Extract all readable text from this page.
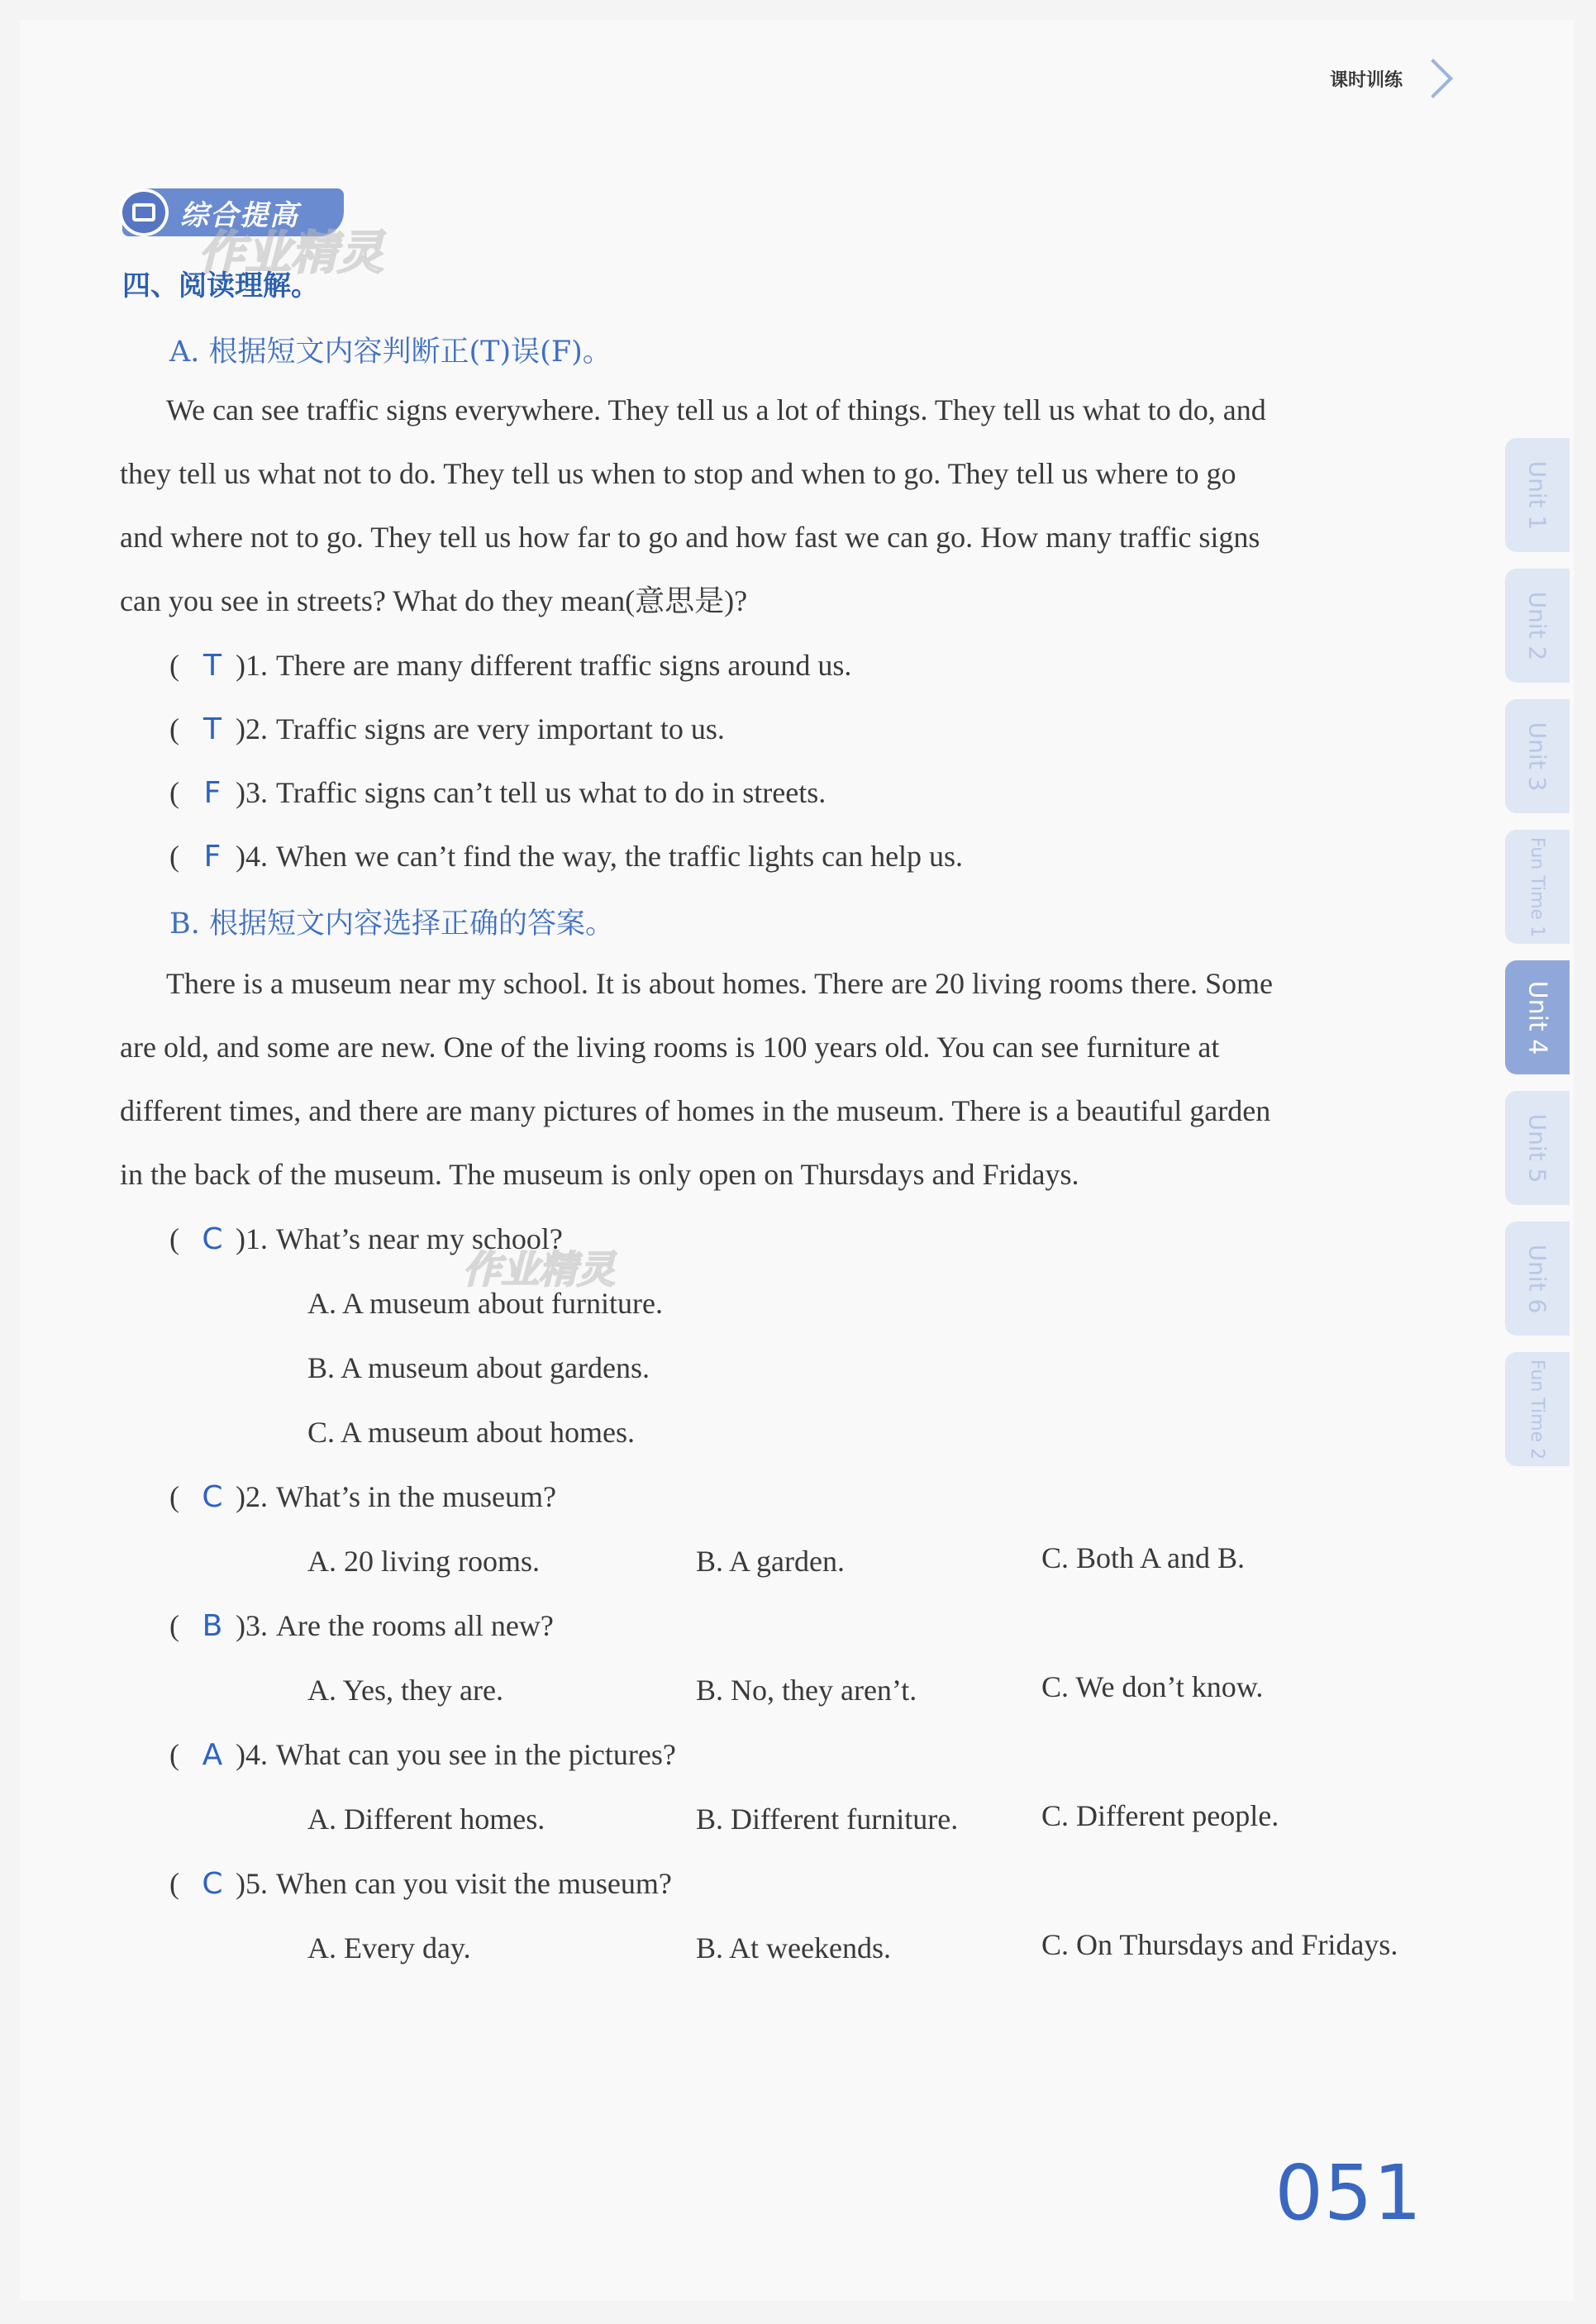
课时训练
综合提高
作业精灵
四、阅读理解。
A. 根据短文内容判断正(T)误(F)。
We can see traffic signs everywhere. They tell us a lot of things. They tell us what to do, and
they tell us what not to do. They tell us when to stop and when to go. They tell us where to go
and where not to go. They tell us how far to go and how fast we can go. How many traffic signs
can you see in streets? What do they mean(意思是)?
( T )1. There are many different traffic signs around us.
( T )2. Traffic signs are very important to us.
( F )3. Traffic signs can’t tell us what to do in streets.
( F )4. When we can’t find the way, the traffic lights can help us.
B. 根据短文内容选择正确的答案。
There is a museum near my school. It is about homes. There are 20 living rooms there. Some
are old, and some are new. One of the living rooms is 100 years old. You can see furniture at
different times, and there are many pictures of homes in the museum. There is a beautiful garden
in the back of the museum. The museum is only open on Thursdays and Fridays.
( C )1. What’s near my school?
A. A museum about furniture.
B. A museum about gardens.
C. A museum about homes.
作业精灵
( C )2. What’s in the museum?
A. 20 living rooms.	B. A garden.	C. Both A and B.
( B )3. Are the rooms all new?
A. Yes, they are.	B. No, they aren’t.	C. We don’t know.
( A )4. What can you see in the pictures?
A. Different homes.	B. Different furniture.	C. Different people.
( C )5. When can you visit the museum?
A. Every day.	B. At weekends.	C. On Thursdays and Fridays.
Unit 1
Unit 2
Unit 3
Fun Time 1
Unit 4
Unit 5
Unit 6
Fun Time 2
051
